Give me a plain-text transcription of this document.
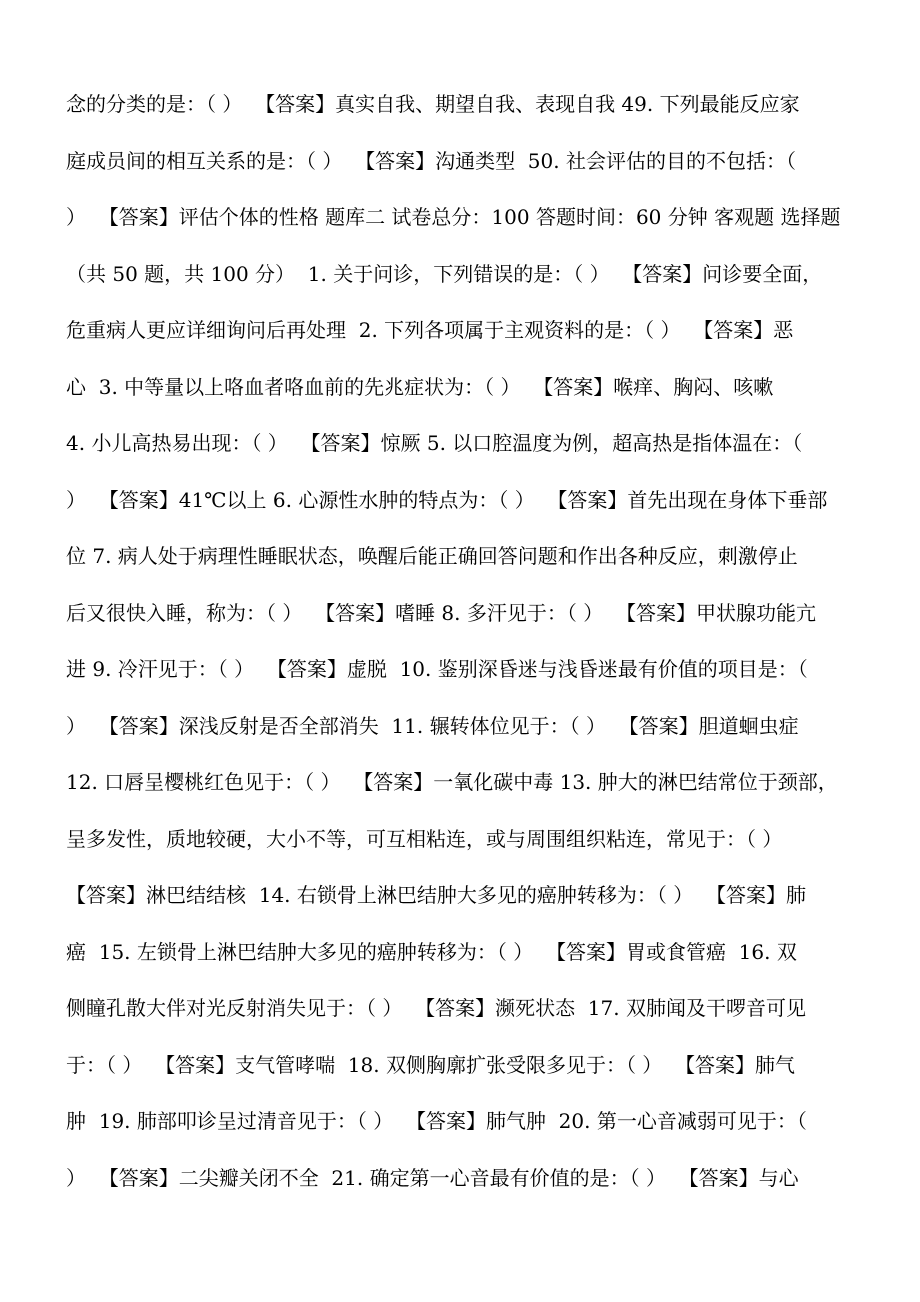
念的分类的是：（ ）  【答案】真实自我、期望自我、表现自我 49. 下列最能反应家
庭成员间的相互关系的是：（ ）  【答案】沟通类型  50. 社会评估的目的不包括：（
）  【答案】评估个体的性格 题库二 试卷总分：100 答题时间：60 分钟 客观题 选择题
（共 50 题，共 100 分）  1. 关于问诊，下列错误的是：（ ）  【答案】问诊要全面，
危重病人更应详细询问后再处理  2. 下列各项属于主观资料的是：（ ）  【答案】恶
心  3. 中等量以上咯血者咯血前的先兆症状为：（ ）  【答案】喉痒、胸闷、咳嗽
4. 小儿高热易出现：（ ）  【答案】惊厥 5. 以口腔温度为例，超高热是指体温在：（
）  【答案】41℃以上 6. 心源性水肿的特点为：（ ）  【答案】首先出现在身体下垂部
位 7. 病人处于病理性睡眠状态，唤醒后能正确回答问题和作出各种反应，刺激停止
后又很快入睡，称为：（ ）  【答案】嗜睡 8. 多汗见于：（ ）  【答案】甲状腺功能亢
进 9. 冷汗见于：（ ）  【答案】虚脱  10. 鉴别深昏迷与浅昏迷最有价值的项目是：（
）  【答案】深浅反射是否全部消失  11. 辗转体位见于：（ ）  【答案】胆道蛔虫症
12. 口唇呈樱桃红色见于：（ ）  【答案】一氧化碳中毒 13. 肿大的淋巴结常位于颈部，
呈多发性，质地较硬，大小不等，可互相粘连，或与周围组织粘连，常见于：（ ）
【答案】淋巴结结核  14. 右锁骨上淋巴结肿大多见的癌肿转移为：（ ）  【答案】肺
癌  15. 左锁骨上淋巴结肿大多见的癌肿转移为：（ ）  【答案】胃或食管癌  16. 双
侧瞳孔散大伴对光反射消失见于：（ ）  【答案】濒死状态  17. 双肺闻及干啰音可见
于：（ ）  【答案】支气管哮喘  18. 双侧胸廓扩张受限多见于：（ ）  【答案】肺气
肿  19. 肺部叩诊呈过清音见于：（ ）  【答案】肺气肿  20. 第一心音减弱可见于：（
）  【答案】二尖瓣关闭不全  21. 确定第一心音最有价值的是：（ ）  【答案】与心
